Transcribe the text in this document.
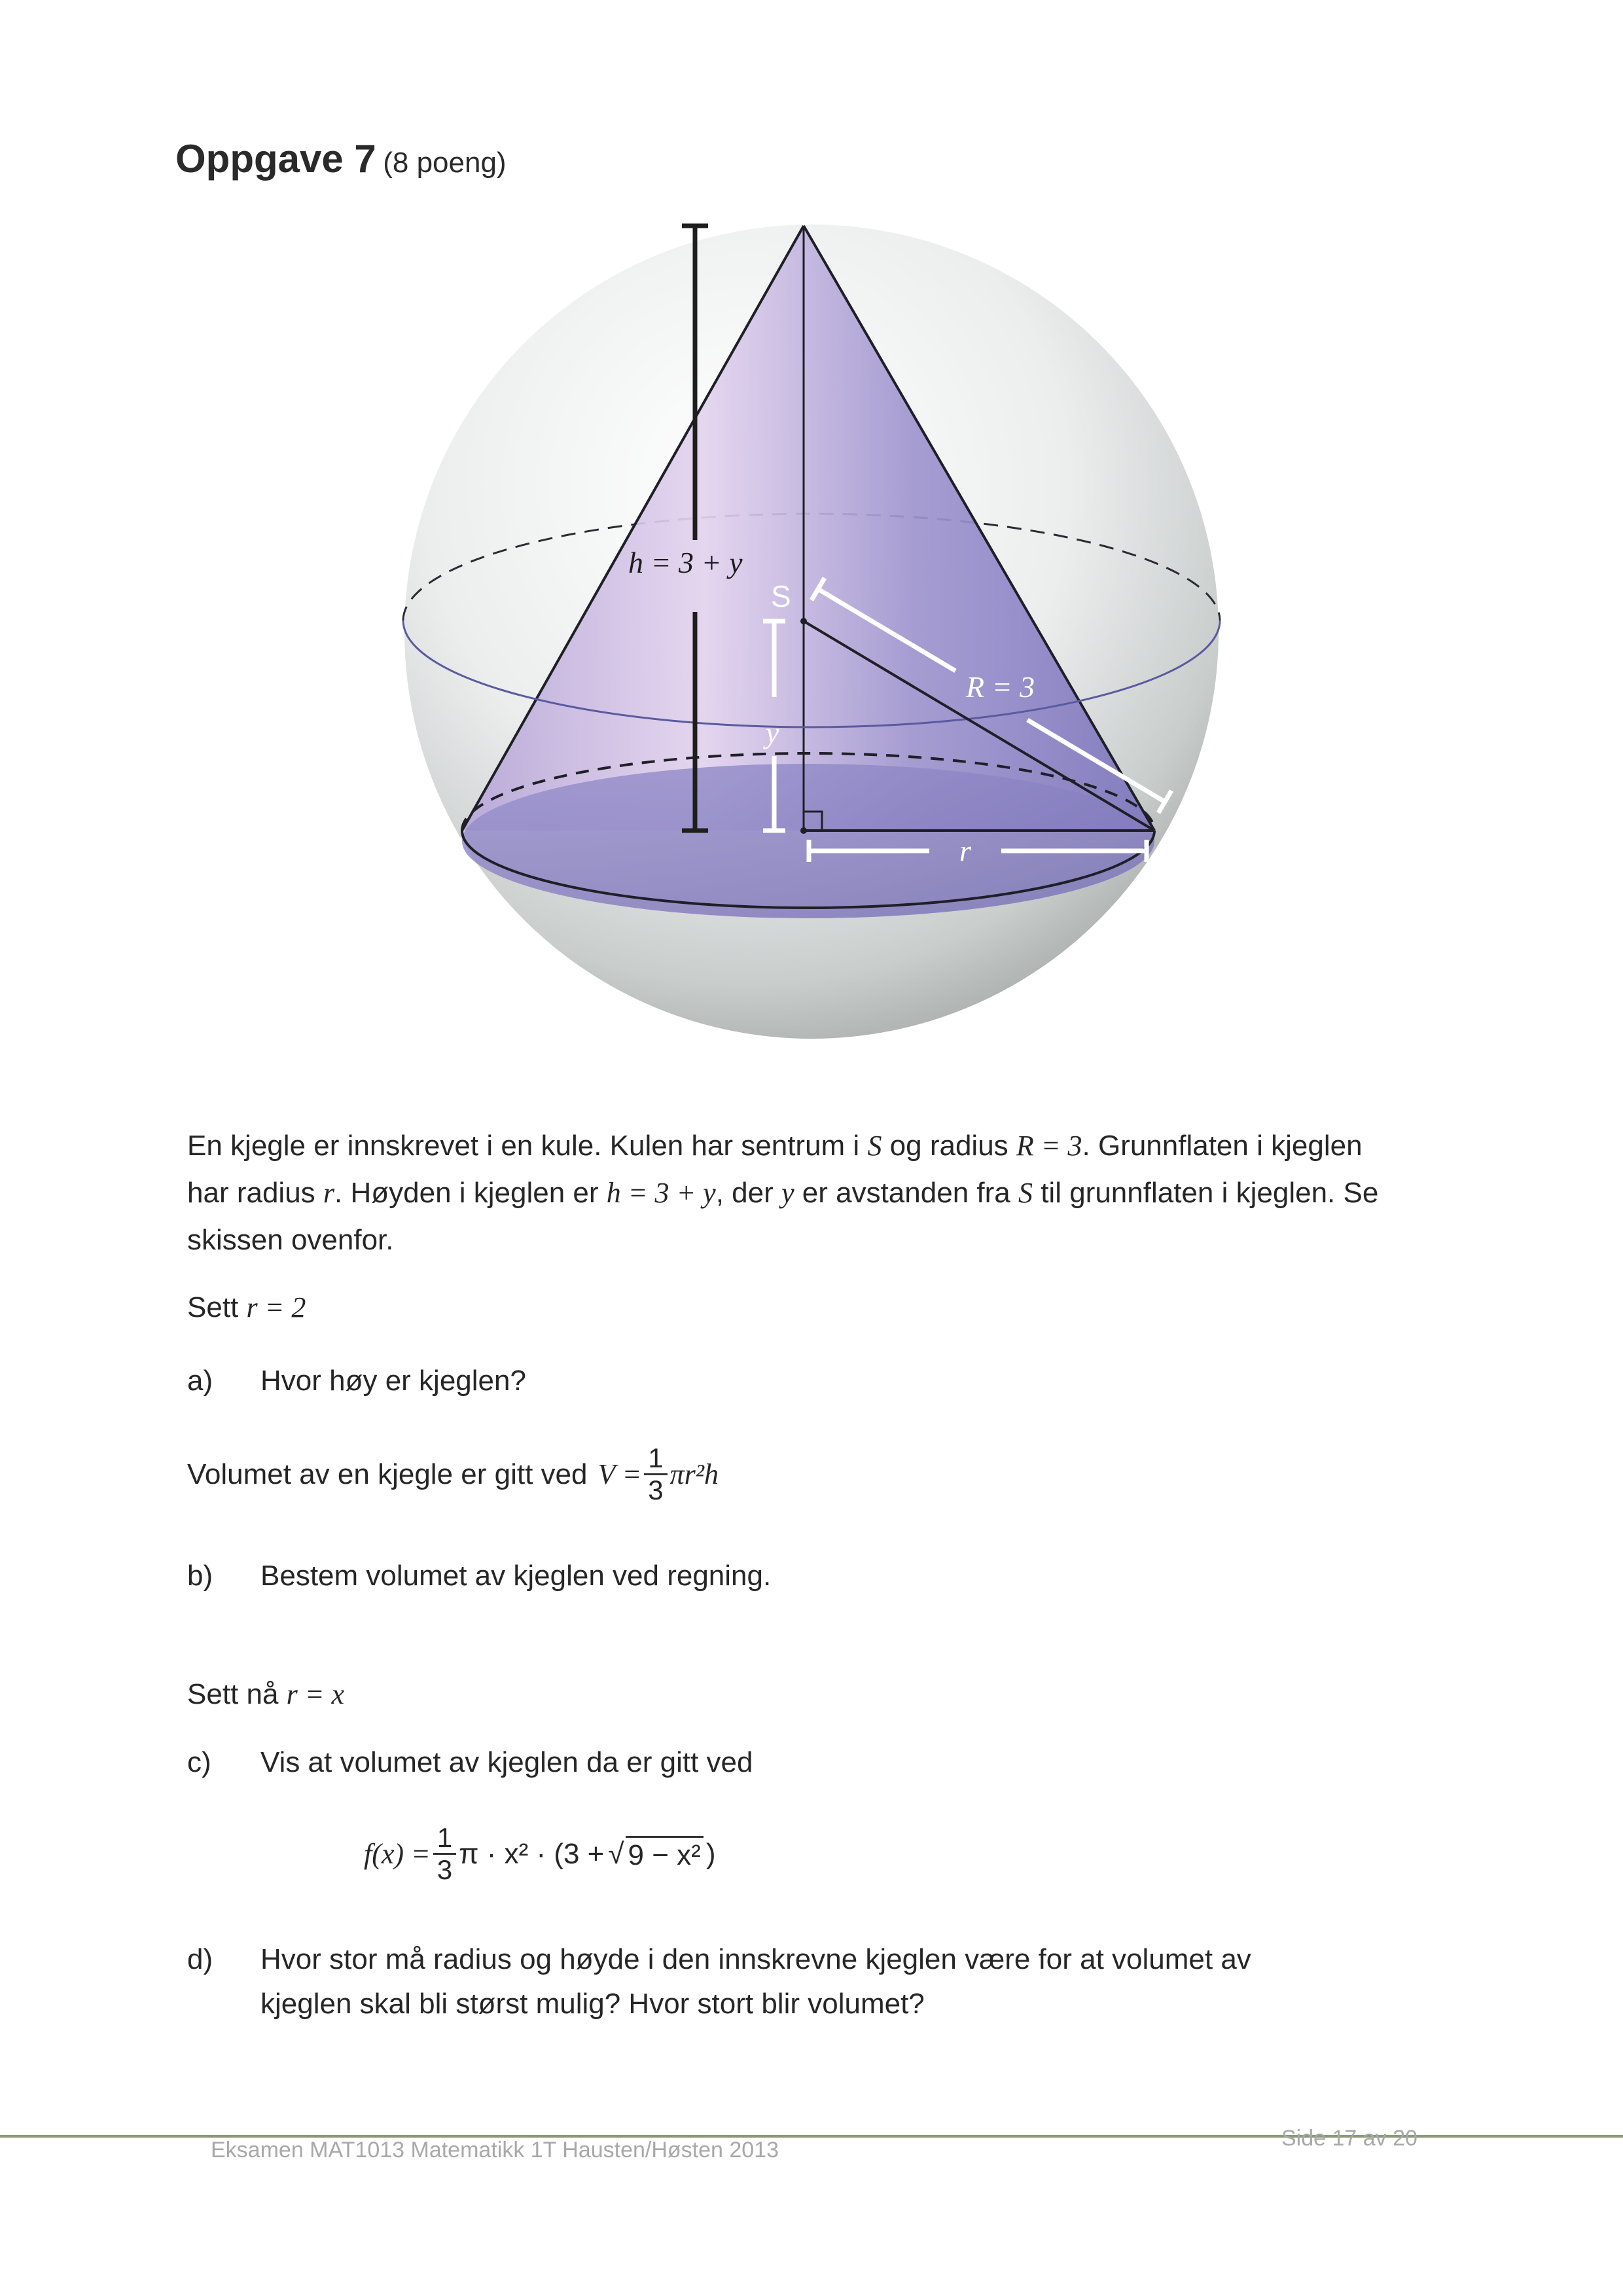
Oppgave 7 (8 poeng)
h = 3 + y
y
S
R = 3
r
En kjegle er innskrevet i en kule. Kulen har sentrum i S og radius R = 3. Grunnflaten i kjeglen har radius r. Høyden i kjeglen er h = 3 + y, der y er avstanden fra S til grunnflaten i kjeglen. Se skissen ovenfor.
Sett r = 2
a) Hvor høy er kjeglen?
Volumet av en kjegle er gitt ved $V = \frac{1}{3} \pi r^2h$
b) Bestem volumet av kjeglen ved regning.
Sett nå r = x
c) Vis at volumet av kjeglen da er gitt ved
$f(x) = \frac{1}{3}$ π · x² · (3 + √ 9 − x² )
d) Hvor stor må radius og høyde i den innskrevne kjeglen være for at volumet av
kjeglen skal bli størst mulig? Hvor stort blir volumet?
Eksamen MAT1013 Matematikk 1T Hausten/Høsten 2013	Side 17 av 20
